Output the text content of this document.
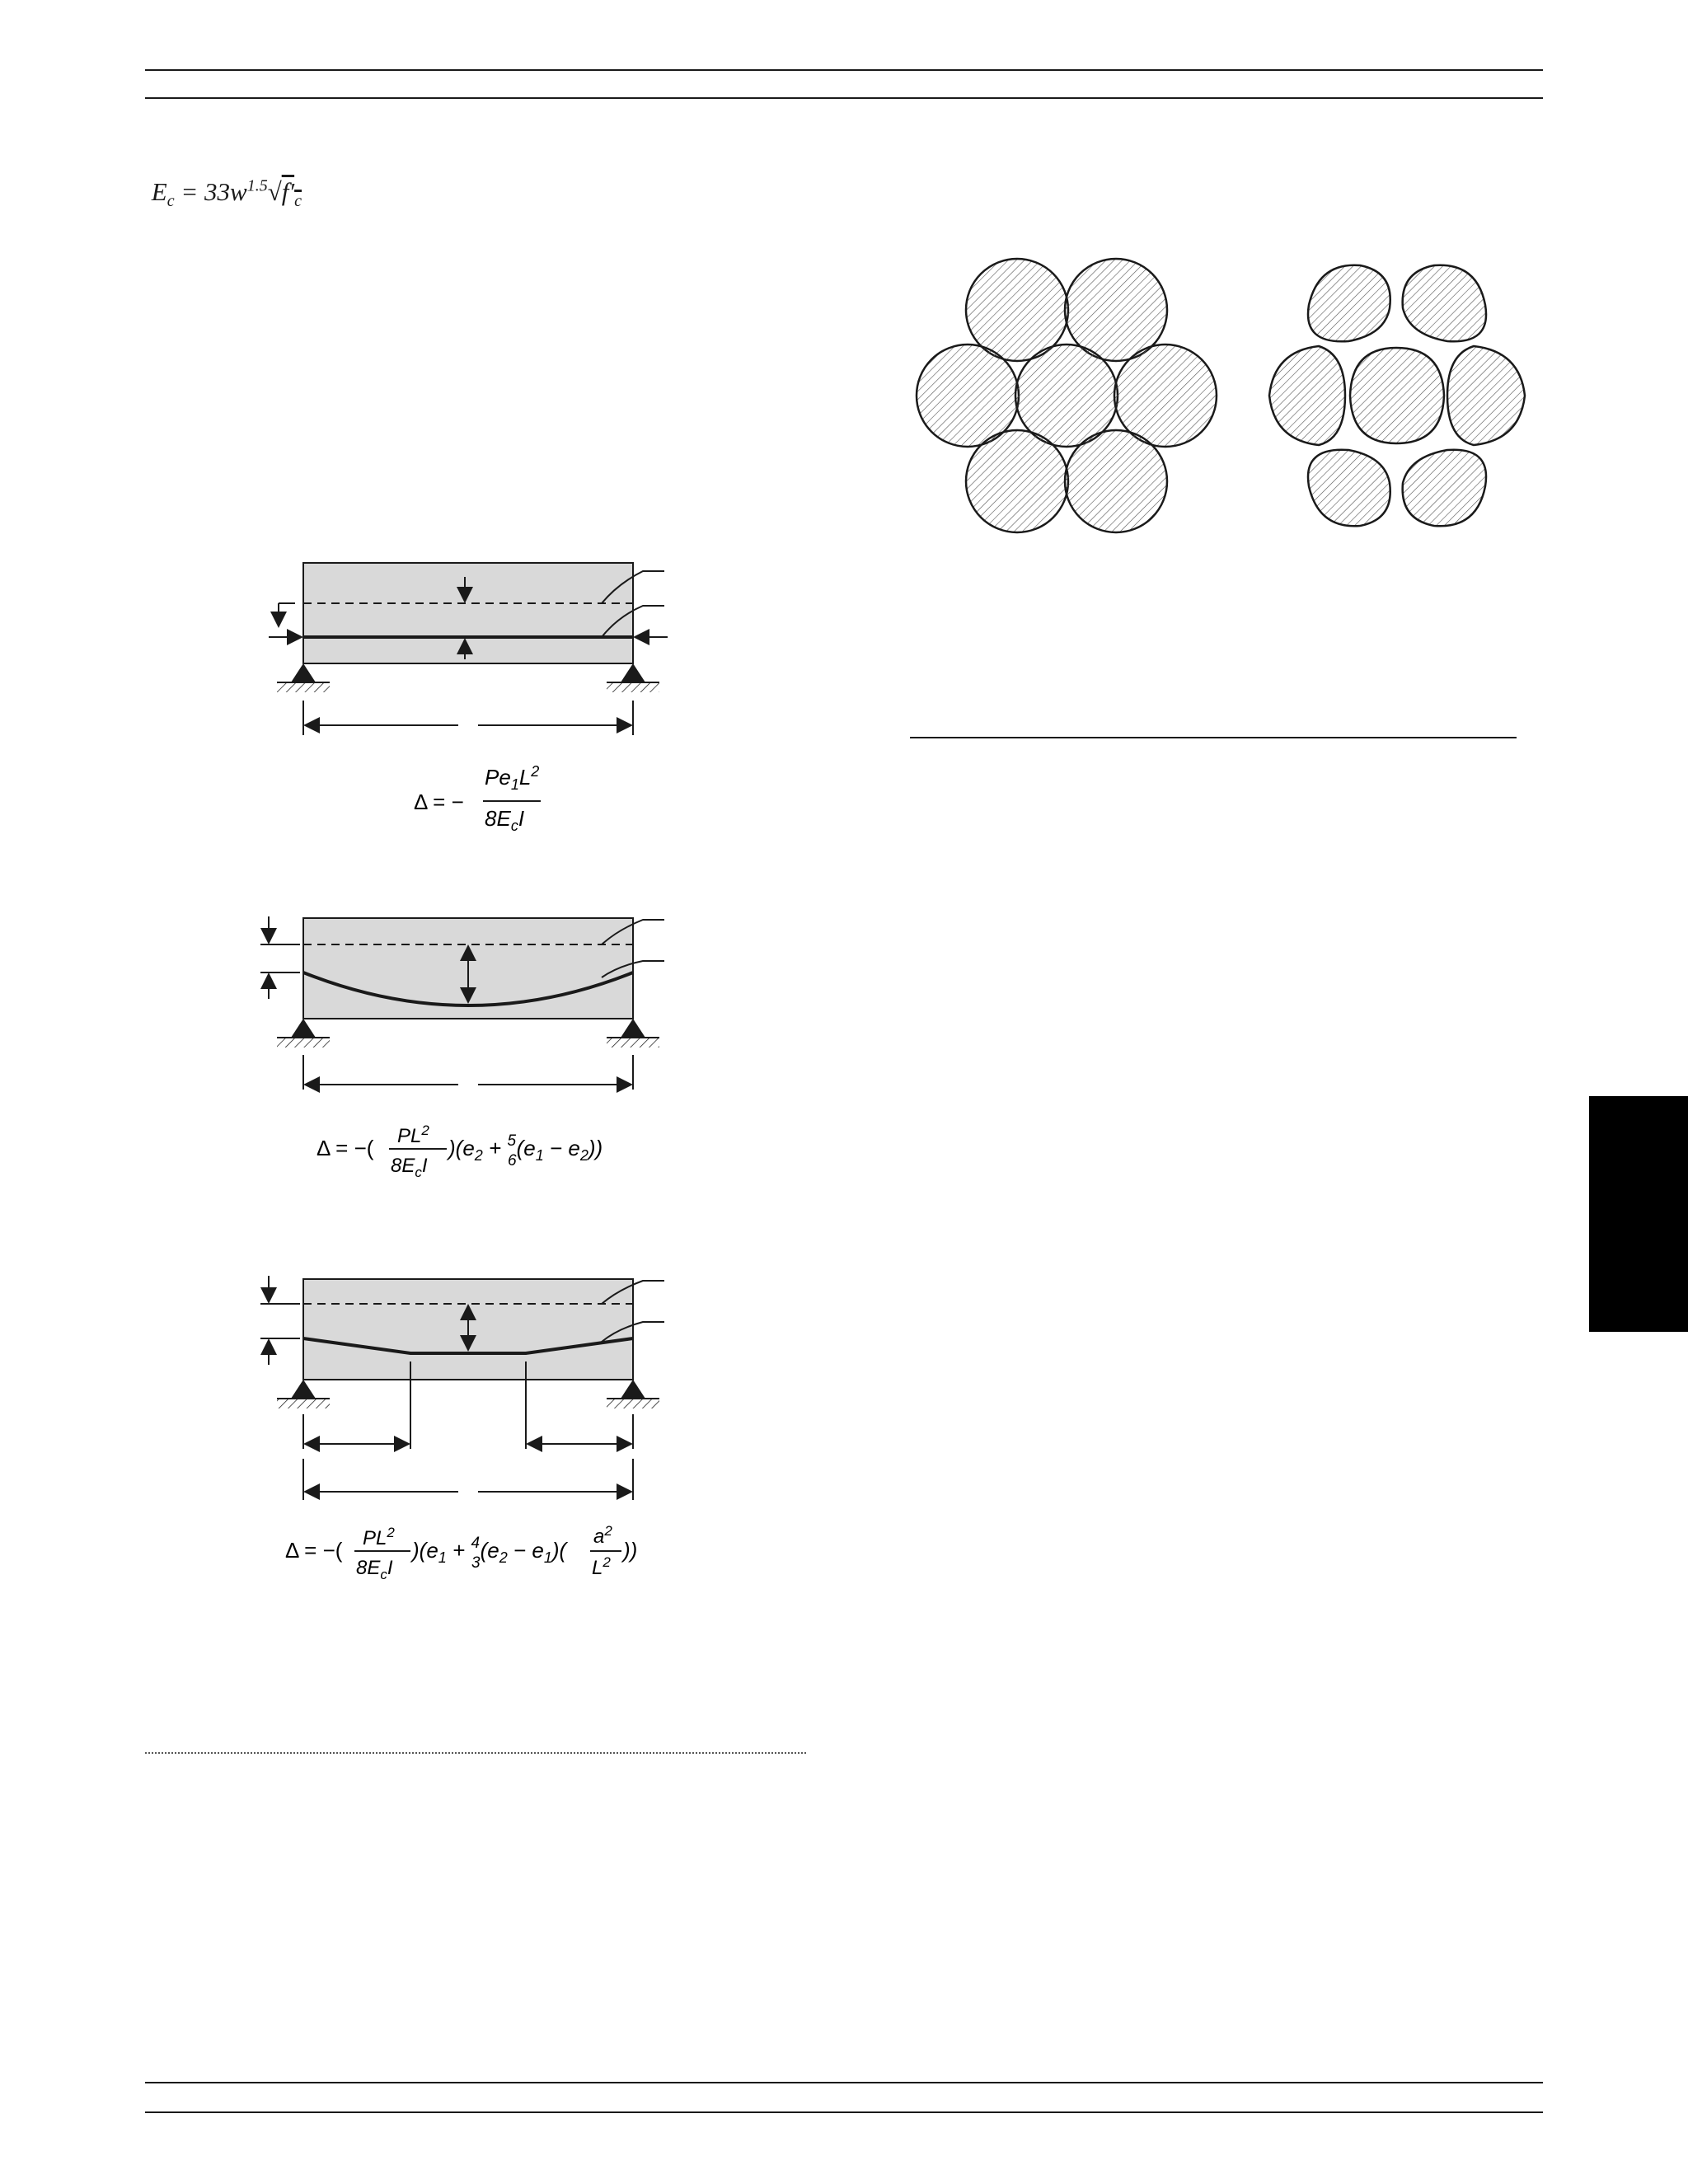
$E_c = 33w^{1.5}√f'_c$
Δ = −
$Pe_1L^2$
$8E_cI$
Δ = −( $PL^2$
$8E_cI$
)($e_2 + ^5$ $6(e_1 - e_2)$)
Δ = −( $PL^2$
$8E_cI$
)($e_1 + ^4$ $3(e_2 - e_1)$(
$a^2$
$L^2$ ))
